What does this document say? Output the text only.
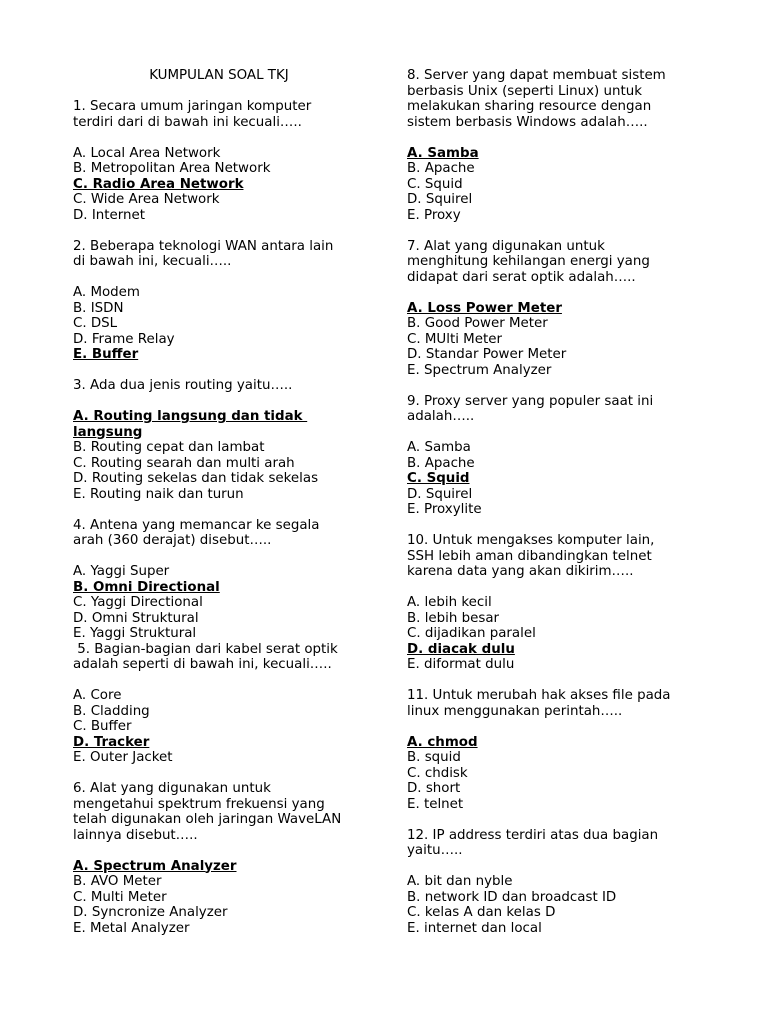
KUMPULAN SOAL TKJ
1. Secara umum jaringan komputer
terdiri dari di bawah ini kecuali…..
A. Local Area Network
B. Metropolitan Area Network
C. Radio Area Network
C. Wide Area Network
D. Internet
2. Beberapa teknologi WAN antara lain
di bawah ini, kecuali…..
A. Modem
B. ISDN
C. DSL
D. Frame Relay
E. Buffer
3. Ada dua jenis routing yaitu…..
A. Routing langsung dan tidak
langsung
B. Routing cepat dan lambat
C. Routing searah dan multi arah
D. Routing sekelas dan tidak sekelas
E. Routing naik dan turun
4. Antena yang memancar ke segala
arah (360 derajat) disebut…..
A. Yaggi Super
B. Omni Directional
C. Yaggi Directional
D. Omni Struktural
E. Yaggi Struktural
5. Bagian-bagian dari kabel serat optik
adalah seperti di bawah ini, kecuali…..
A. Core
B. Cladding
C. Buffer
D. Tracker
E. Outer Jacket
6. Alat yang digunakan untuk
mengetahui spektrum frekuensi yang
telah digunakan oleh jaringan WaveLAN
lainnya disebut…..
A. Spectrum Analyzer
B. AVO Meter
C. Multi Meter
D. Syncronize Analyzer
E. Metal Analyzer
8. Server yang dapat membuat sistem
berbasis Unix (seperti Linux) untuk
melakukan sharing resource dengan
sistem berbasis Windows adalah…..
A. Samba
B. Apache
C. Squid
D. Squirel
E. Proxy
7. Alat yang digunakan untuk
menghitung kehilangan energi yang
didapat dari serat optik adalah…..
A. Loss Power Meter
B. Good Power Meter
C. MUlti Meter
D. Standar Power Meter
E. Spectrum Analyzer
9. Proxy server yang populer saat ini
adalah…..
A. Samba
B. Apache
C. Squid
D. Squirel
E. Proxylite
10. Untuk mengakses komputer lain,
SSH lebih aman dibandingkan telnet
karena data yang akan dikirim…..
A. lebih kecil
B. lebih besar
C. dijadikan paralel
D. diacak dulu
E. diformat dulu
11. Untuk merubah hak akses file pada
linux menggunakan perintah…..
A. chmod
B. squid
C. chdisk
D. short
E. telnet
12. IP address terdiri atas dua bagian
yaitu…..
A. bit dan nyble
B. network ID dan broadcast ID
C. kelas A dan kelas D
E. internet dan local
